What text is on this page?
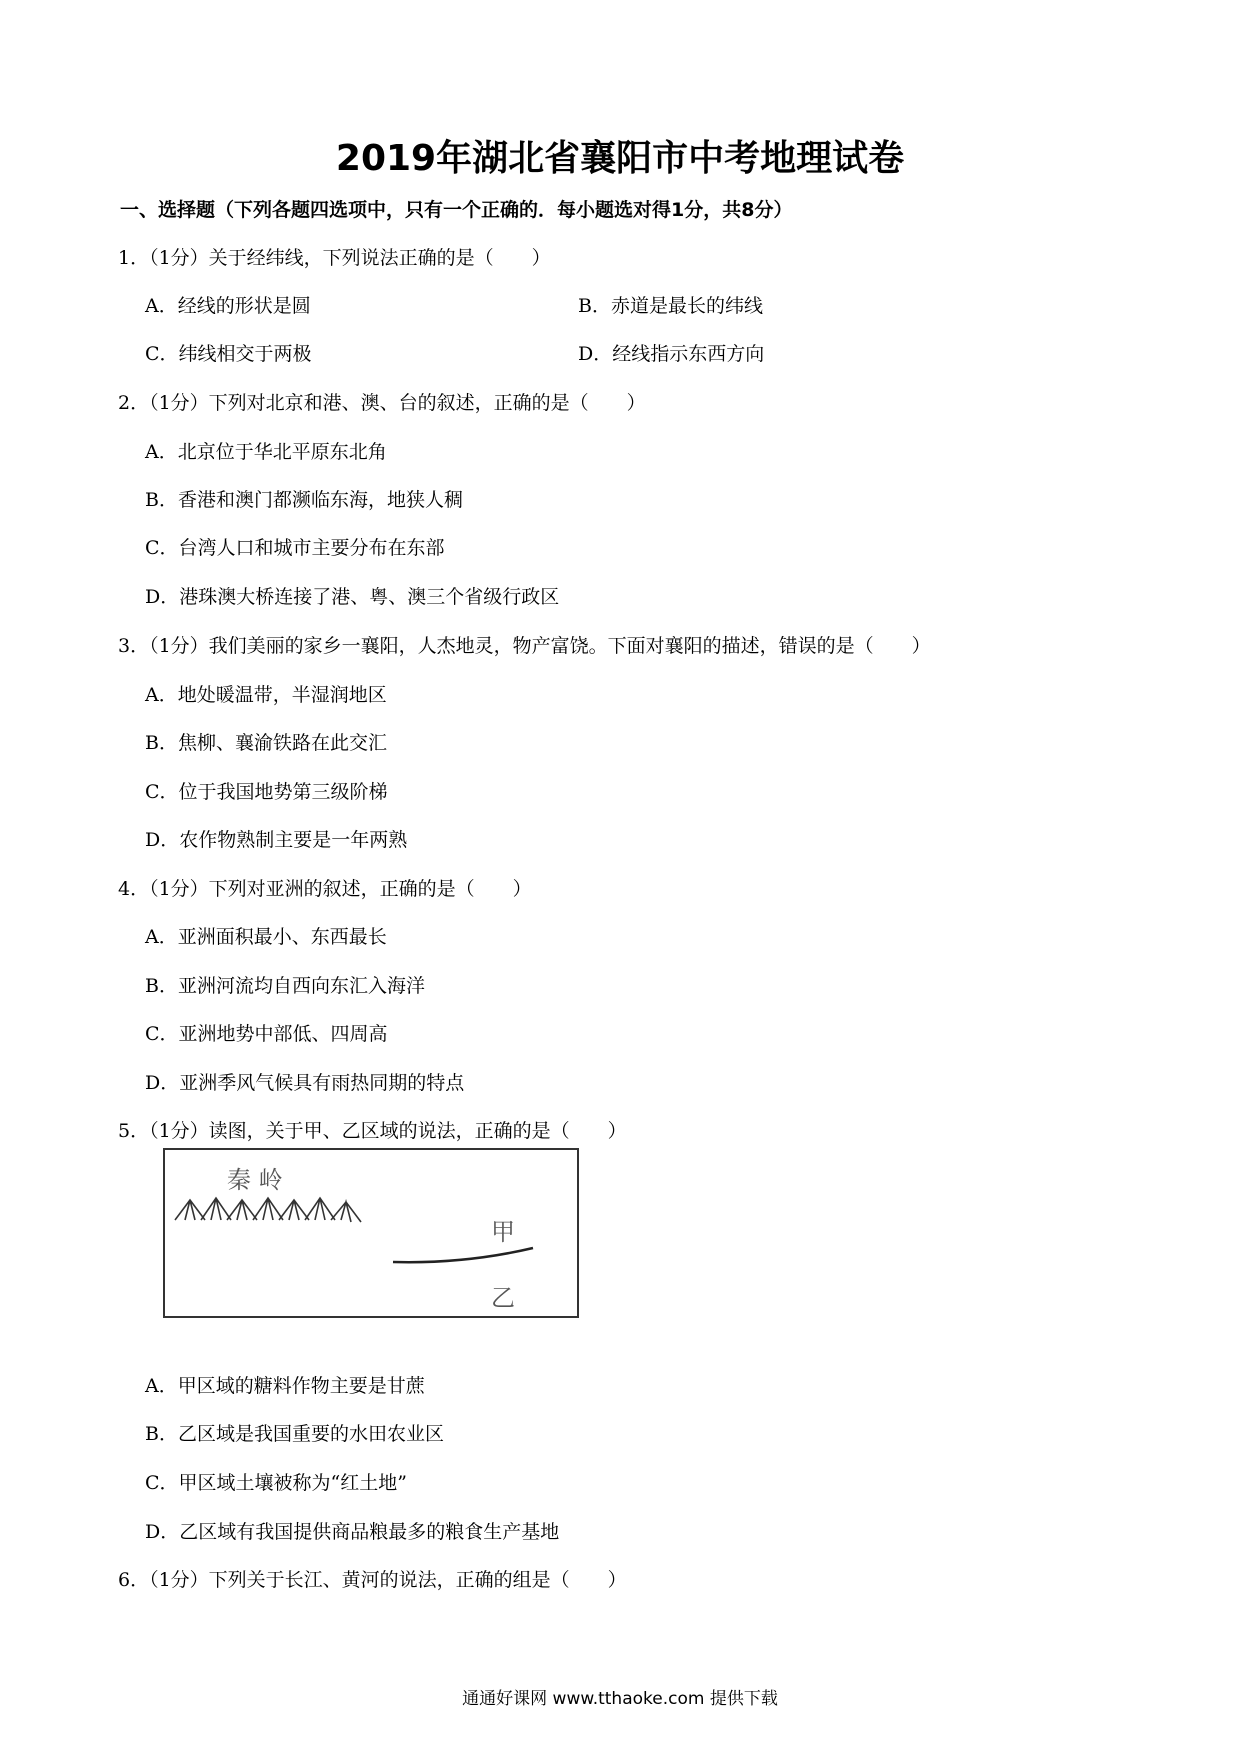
2019年湖北省襄阳市中考地理试卷
一、选择题（下列各题四选项中，只有一个正确的．每小题选对得1分，共8分）
1．（1分）关于经纬线，下列说法正确的是（　　）
A．经线的形状是圆	B．赤道是最长的纬线
C．纬线相交于两极	D．经线指示东西方向
2．（1分）下列对北京和港、澳、台的叙述，正确的是（　　）
A．北京位于华北平原东北角
B．香港和澳门都濒临东海，地狭人稠
C．台湾人口和城市主要分布在东部
D．港珠澳大桥连接了港、粤、澳三个省级行政区
3．（1分）我们美丽的家乡一襄阳，人杰地灵，物产富饶。下面对襄阳的描述，错误的是（　　）
A．地处暖温带，半湿润地区
B．焦柳、襄渝铁路在此交汇
C．位于我国地势第三级阶梯
D．农作物熟制主要是一年两熟
4．（1分）下列对亚洲的叙述，正确的是（　　）
A．亚洲面积最小、东西最长
B．亚洲河流均自西向东汇入海洋
C．亚洲地势中部低、四周高
D．亚洲季风气候具有雨热同期的特点
5．（1分）读图，关于甲、乙区域的说法，正确的是（　　）
秦 岭
甲
乙
A．甲区域的糖料作物主要是甘蔗
B．乙区域是我国重要的水田农业区
C．甲区域土壤被称为“红土地”
D．乙区域有我国提供商品粮最多的粮食生产基地
6．（1分）下列关于长江、黄河的说法，正确的组是（　　）
通通好课网 www.tthaoke.com 提供下载
